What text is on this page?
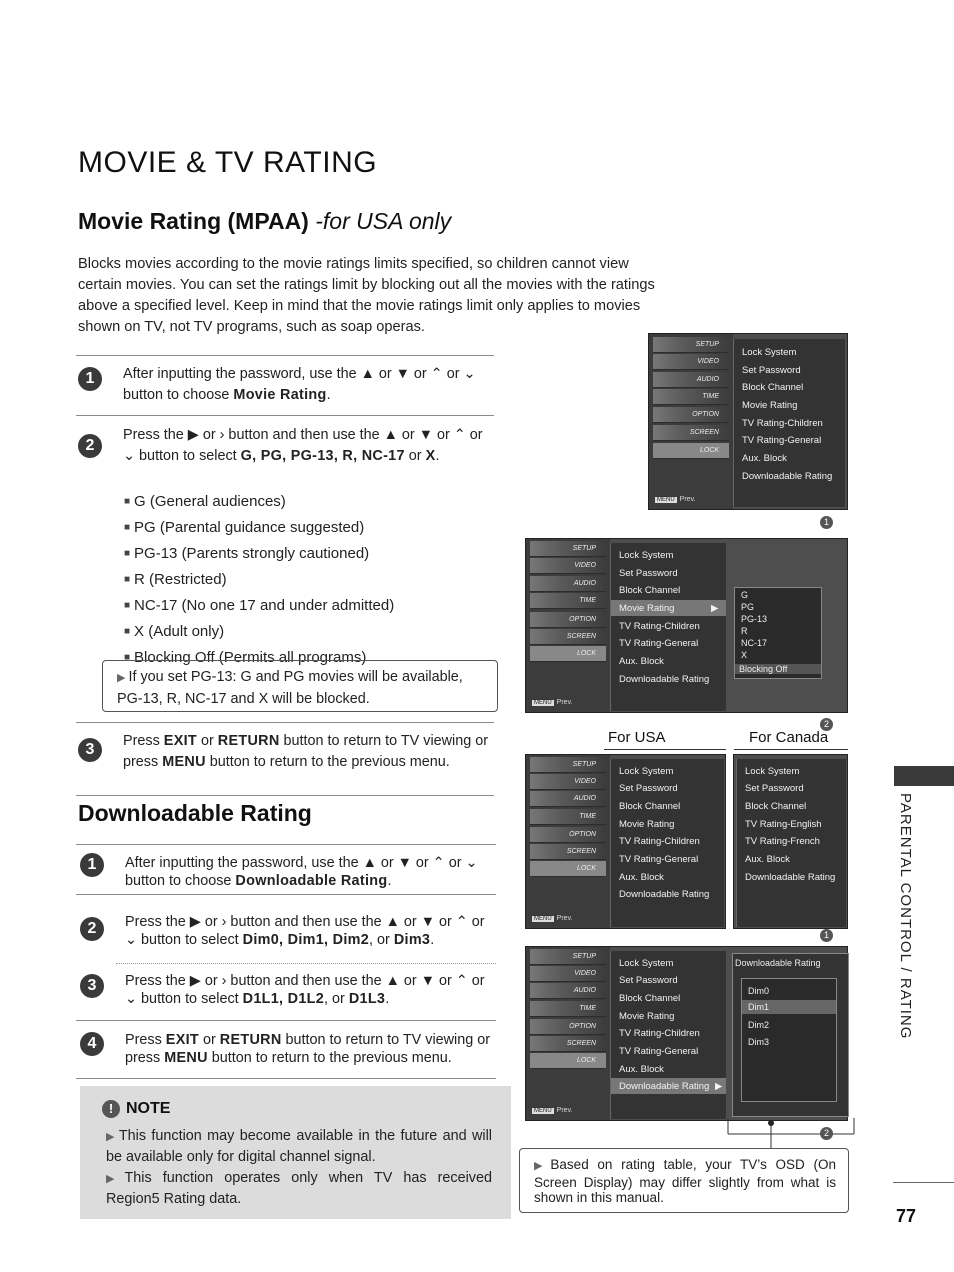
MOVIE & TV RATING
Movie Rating (MPAA) -for USA only
Blocks movies according to the movie ratings limits specified, so children cannot view certain movies. You can set the ratings limit by blocking out all the movies with the ratings above a specified level. Keep in mind that the movie ratings limit only applies to movies shown on TV, not TV programs, such as soap operas.
1	After inputting the password, use the ▲ or ▼ or ⌃ or ⌄ button to choose Movie Rating.
2
Press the ▶ or › button and then use the ▲ or ▼ or ⌃ or ⌄ button to select G, PG, PG-13, R, NC-17 or X.
■ G (General audiences)
■ PG (Parental guidance suggested)
■ PG-13 (Parents strongly cautioned)
■ R (Restricted)
■ NC-17 (No one 17 and under admitted)
■ X (Adult only)
■ Blocking Off (Permits all programs)
▶ If you set PG-13: G and PG movies will be available, PG-13, R, NC-17 and X will be blocked.
3	Press EXIT or RETURN button to return to TV viewing or press MENU button to return to the previous menu.
Downloadable Rating
1	After inputting the password, use the ▲ or ▼ or ⌃ or ⌄ button to choose Downloadable Rating.
2	Press the ▶ or › button and then use the ▲ or ▼ or ⌃ or ⌄ button to select Dim0, Dim1, Dim2, or Dim3.
3	Press the ▶ or › button and then use the ▲ or ▼ or ⌃ or ⌄ button to select D1L1, D1L2, or D1L3.
4	Press EXIT or RETURN button to return to TV viewing or press MENU button to return to the previous menu.
! NOTE
▶ This function may become available in the future and will be available only for digital channel signal.
▶ This function operates only when TV has received Region5 Rating data.
SETUP
VIDEO
AUDIO
TIME
OPTION
SCREEN
LOCK
MENU Prev.
Lock System
Set Password
Block Channel
Movie Rating
TV Rating-Children
TV Rating-General
Aux. Block
Downloadable Rating
1
SETUP
VIDEO
AUDIO
TIME
OPTION
SCREEN
LOCK
MENU Prev.
Lock System
Set Password
Block Channel
Movie Rating	▶
TV Rating-Children
TV Rating-General
Aux. Block
Downloadable Rating
G
PG
PG-13
R
NC-17
X
Blocking Off
2
For USA	For Canada
SETUP
VIDEO
AUDIO
TIME
OPTION
SCREEN
LOCK
MENU Prev.
Lock System
Set Password
Block Channel
Movie Rating
TV Rating-Children
TV Rating-General
Aux. Block
Downloadable Rating
Lock System
Set Password
Block Channel
TV Rating-English
TV Rating-French
Aux. Block
Downloadable Rating
1
SETUP
VIDEO
AUDIO
TIME
OPTION
SCREEN
LOCK
MENU Prev.
Lock System
Set Password
Block Channel
Movie Rating
TV Rating-Children
TV Rating-General
Aux. Block
Downloadable Rating ▶
Downloadable Rating
Dim0
Dim1
Dim2
Dim3
2
▶ Based on rating table, your TV’s OSD (On Screen Display) may differ slightly from what is shown in this manual.
PARENTAL CONTROL / RATING
77
